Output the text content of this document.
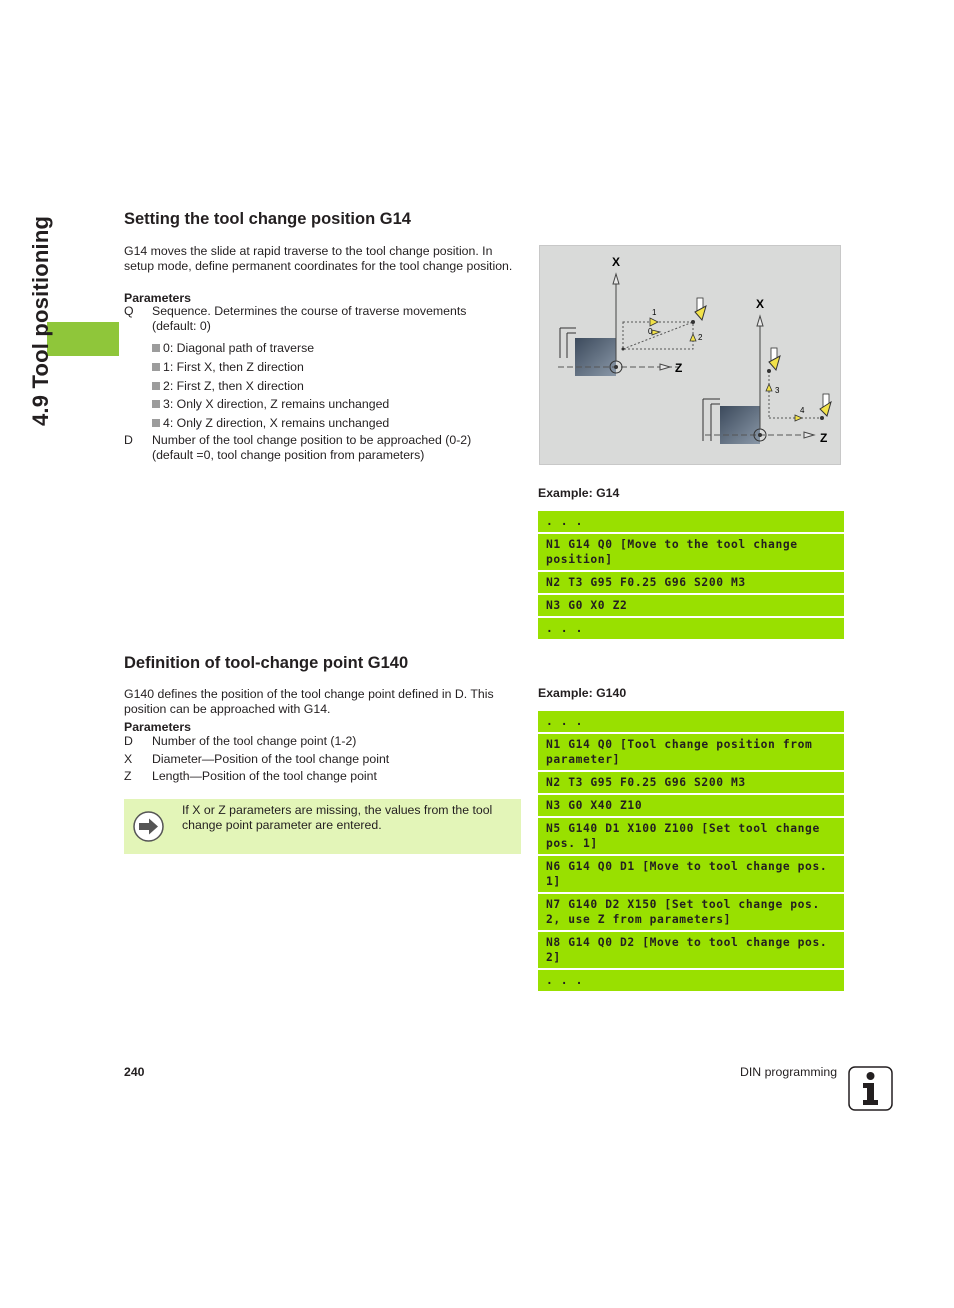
4.9 Tool positioning	Setting the tool change position G14
G14 moves the slide at rapid traverse to the tool change position. In setup mode, define permanent coordinates for the tool change position.
Parameters
Q	Sequence. Determines the course of traverse movements (default: 0)
0: Diagonal path of traverse
1: First X, then Z direction
2: First Z, then X direction
3: Only X direction, Z remains unchanged
4: Only Z direction, X remains unchanged
D	Number of the tool change position to be approached (0-2) (default =0, tool change position from parameters)
X
Z
1
0
2
X
Z
3
4
Example: G14
. . .
N1 G14 Q0 [Move to the tool change position]
N2 T3 G95 F0.25 G96 S200 M3
N3 G0 X0 Z2
. . .
Definition of tool-change point G140
G140 defines the position of the tool change point defined in D. This position can be approached with G14.
Parameters
D	Number of the tool change point (1-2)
X	Diameter—Position of the tool change point
Z	Length—Position of the tool change point
If X or Z parameters are missing, the values from the tool change point parameter are entered.
Example: G140
. . .
N1 G14 Q0 [Tool change position from parameter]
N2 T3 G95 F0.25 G96 S200 M3
N3 G0 X40 Z10
N5 G140 D1 X100 Z100 [Set tool change pos. 1]
N6 G14 Q0 D1 [Move to tool change pos. 1]
N7 G140 D2 X150 [Set tool change pos. 2, use Z from parameters]
N8 G14 Q0 D2 [Move to tool change pos. 2]
. . .
240	DIN programming
